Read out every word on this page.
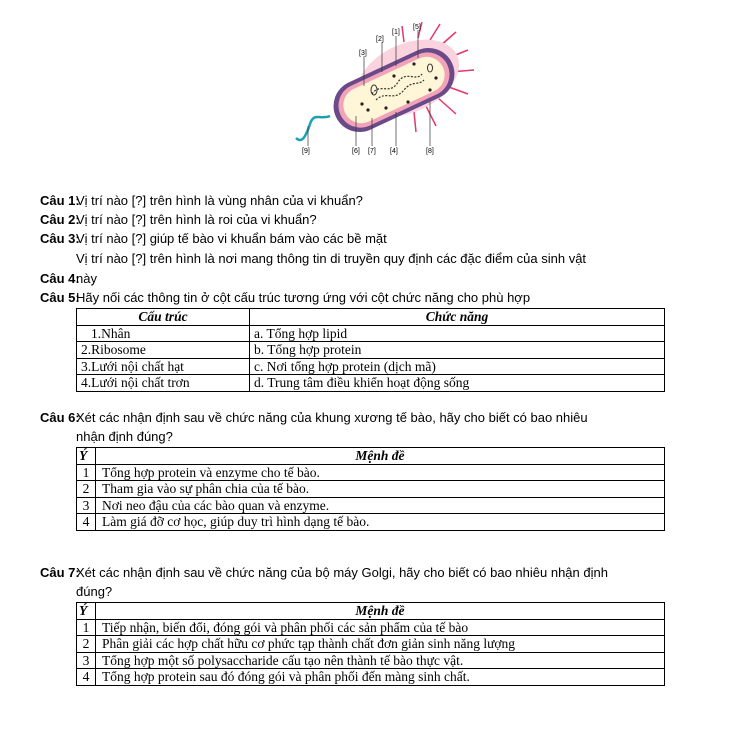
[1]
[2]
[3]
[5]
[9]	[6] [7] [4]	[8]
Câu 1:Vị trí nào [?] trên hình là vùng nhân của vi khuẩn?
Câu 2:Vị trí nào [?] trên hình là roi của vi khuẩn?
Câu 3:Vị trí nào [?] giúp tế bào vi khuẩn bám vào các bề mặt
Vị trí nào [?] trên hình là nơi mang thông tin di truyền quy định các đặc điểm của sinh vật
Câu 4:này
Câu 5:Hãy nối các thông tin ở cột cấu trúc tương ứng với cột chức năng cho phù hợp
Cấu trúc	Chức năng
1.Nhân	a. Tổng hợp lipid
2.Ribosome	b. Tổng hợp protein
3.Lưới nội chất hạt	c. Nơi tổng hợp protein (dịch mã)
4.Lưới nội chất trơn	d. Trung tâm điều khiển hoạt động sống
Câu 6:Xét các nhận định sau về chức năng của khung xương tế bào, hãy cho biết có bao nhiêu
nhận định đúng?
Ý	Mệnh đề
1	Tổng hợp protein và enzyme cho tế bào.
2	Tham gia vào sự phân chia của tế bào.
3	Nơi neo đậu của các bào quan và enzyme.
4	Làm giá đỡ cơ học, giúp duy trì hình dạng tế bào.
Câu 7:Xét các nhận định sau về chức năng của bộ máy Golgi, hãy cho biết có bao nhiêu nhận định
đúng?
Ý	Mệnh đề
1	Tiếp nhận, biến đổi, đóng gói và phân phối các sản phẩm của tế bào
2	Phân giải các hợp chất hữu cơ phức tạp thành chất đơn giản sinh năng lượng
3	Tổng hợp một số polysaccharide cấu tạo nên thành tế bào thực vật.
4	Tổng hợp protein sau đó đóng gói và phân phối đến màng sinh chất.
